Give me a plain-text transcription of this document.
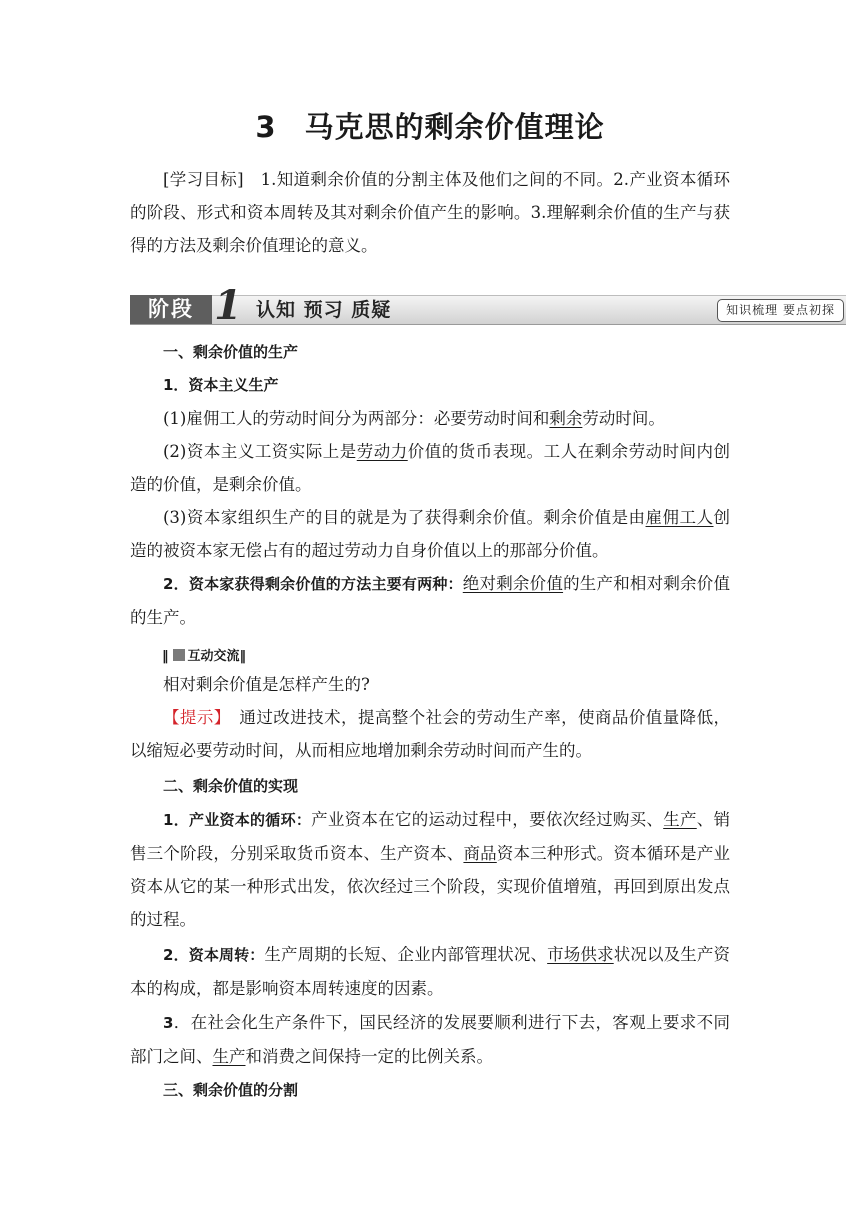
3 马克思的剩余价值理论
[学习目标]　1.知道剩余价值的分割主体及他们之间的不同。2.产业资本循环的阶段、形式和资本周转及其对剩余价值产生的影响。3.理解剩余价值的生产与获得的方法及剩余价值理论的意义。
阶段 1 认知 预习 质疑	知识梳理 要点初探
一、剩余价值的生产
1．资本主义生产
(1)雇佣工人的劳动时间分为两部分：必要劳动时间和剩余劳动时间。
(2)资本主义工资实际上是劳动力价值的货币表现。工人在剩余劳动时间内创造的价值，是剩余价值。
(3)资本家组织生产的目的就是为了获得剩余价值。剩余价值是由雇佣工人创造的被资本家无偿占有的超过劳动力自身价值以上的那部分价值。
2．资本家获得剩余价值的方法主要有两种：绝对剩余价值的生产和相对剩余价值的生产。
‖ 互动交流‖
相对剩余价值是怎样产生的?
【提示】　 通过改进技术，提高整个社会的劳动生产率，使商品价值量降低，以缩短必要劳动时间，从而相应地增加剩余劳动时间而产生的。
二、剩余价值的实现
1．产业资本的循环：产业资本在它的运动过程中，要依次经过购买、生产、销售三个阶段，分别采取货币资本、生产资本、商品资本三种形式。资本循环是产业资本从它的某一种形式出发，依次经过三个阶段，实现价值增殖，再回到原出发点的过程。
2．资本周转：生产周期的长短、企业内部管理状况、市场供求状况以及生产资本的构成，都是影响资本周转速度的因素。
3．在社会化生产条件下，国民经济的发展要顺利进行下去，客观上要求不同部门之间、生产和消费之间保持一定的比例关系。
三、剩余价值的分割
